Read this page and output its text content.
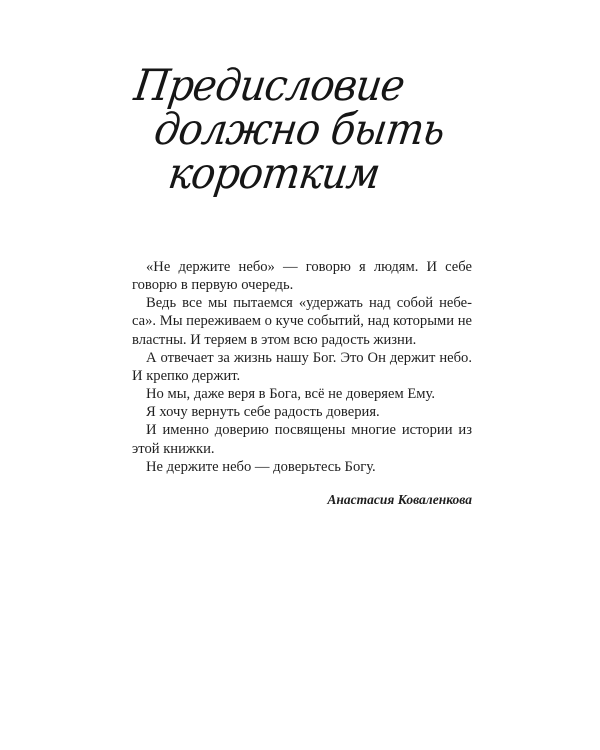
Предисловие
должно быть
коротким

«Не держите небо» — говорю я людям. И себе говорю в первую очередь.

Ведь все мы пытаемся «удержать над собой небеса». Мы переживаем о куче событий, над которыми не властны. И теряем в этом всю радость жизни.

А отвечает за жизнь нашу Бог. Это Он держит небо. И крепко держит.

Но мы, даже веря в Бога, всё не доверяем Ему.

Я хочу вернуть себе радость доверия.

И именно доверию посвящены многие истории из этой книжки.

Не держите небо — доверьтесь Богу.

Анастасия Коваленкова
